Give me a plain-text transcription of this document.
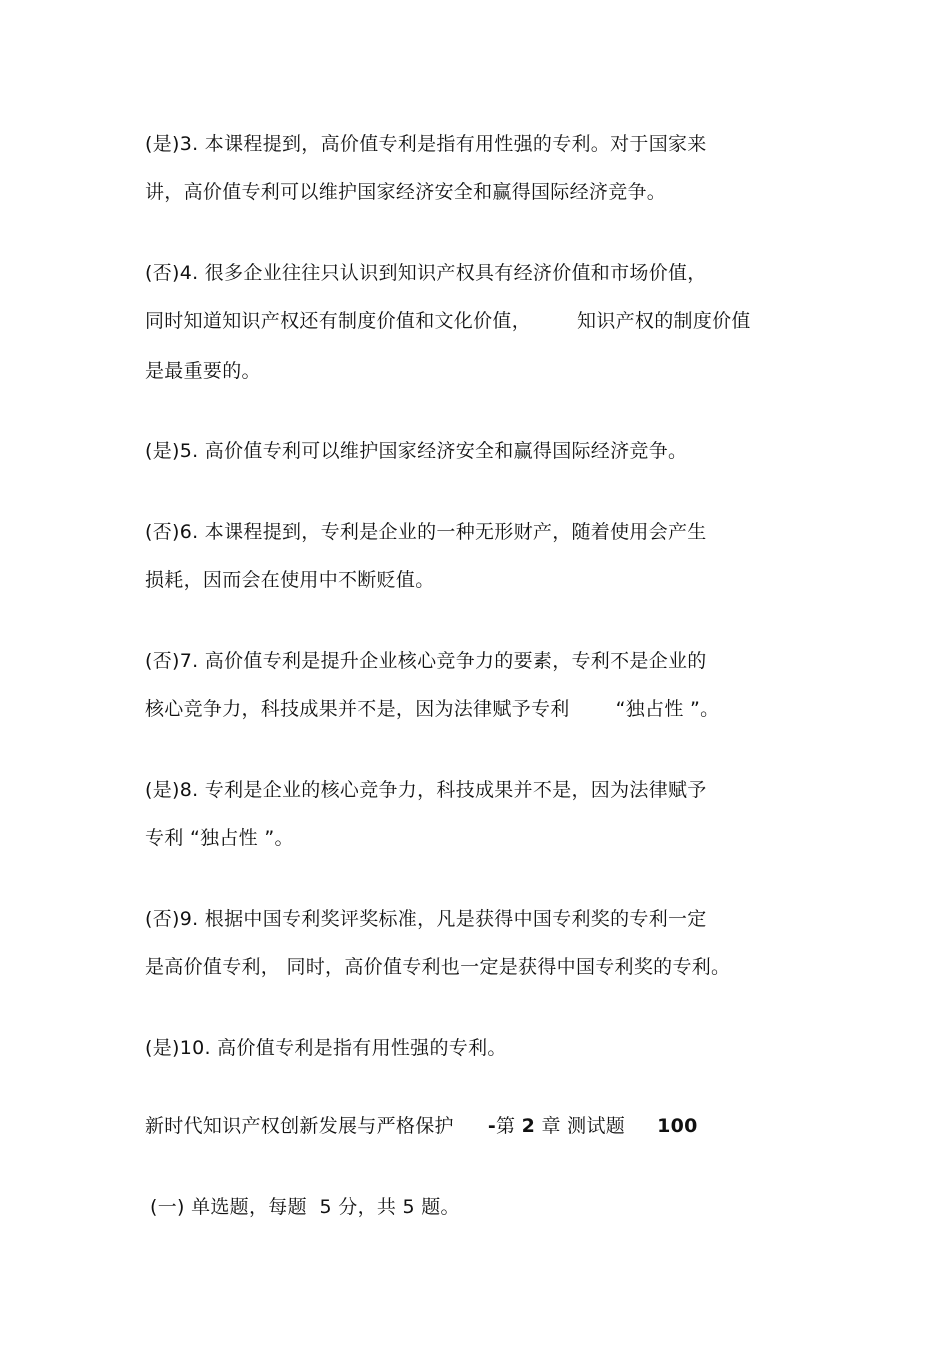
(是)3. 本课程提到，高价值专利是指有用性强的专利。对于国家来
讲，高价值专利可以维护国家经济安全和赢得国际经济竞争。
(否)4. 很多企业往往只认识到知识产权具有经济价值和市场价值，
同时知道知识产权还有制度价值和文化价值， 知识产权的制度价值
是最重要的。
(是)5. 高价值专利可以维护国家经济安全和赢得国际经济竞争。
(否)6. 本课程提到，专利是企业的一种无形财产，随着使用会产生
损耗，因而会在使用中不断贬值。
(否)7. 高价值专利是提升企业核心竞争力的要素，专利不是企业的
核心竞争力，科技成果并不是，因为法律赋予专利 “独占性 ”。
(是)8. 专利是企业的核心竞争力，科技成果并不是，因为法律赋予
专利 “独占性 ”。
(否)9. 根据中国专利奖评奖标准，凡是获得中国专利奖的专利一定
是高价值专利， 同时，高价值专利也一定是获得中国专利奖的专利。
(是)10. 高价值专利是指有用性强的专利。
新时代知识产权创新发展与严格保护 -第 2 章 测试题 100
(一) 单选题，每题  5 分，共 5 题。
